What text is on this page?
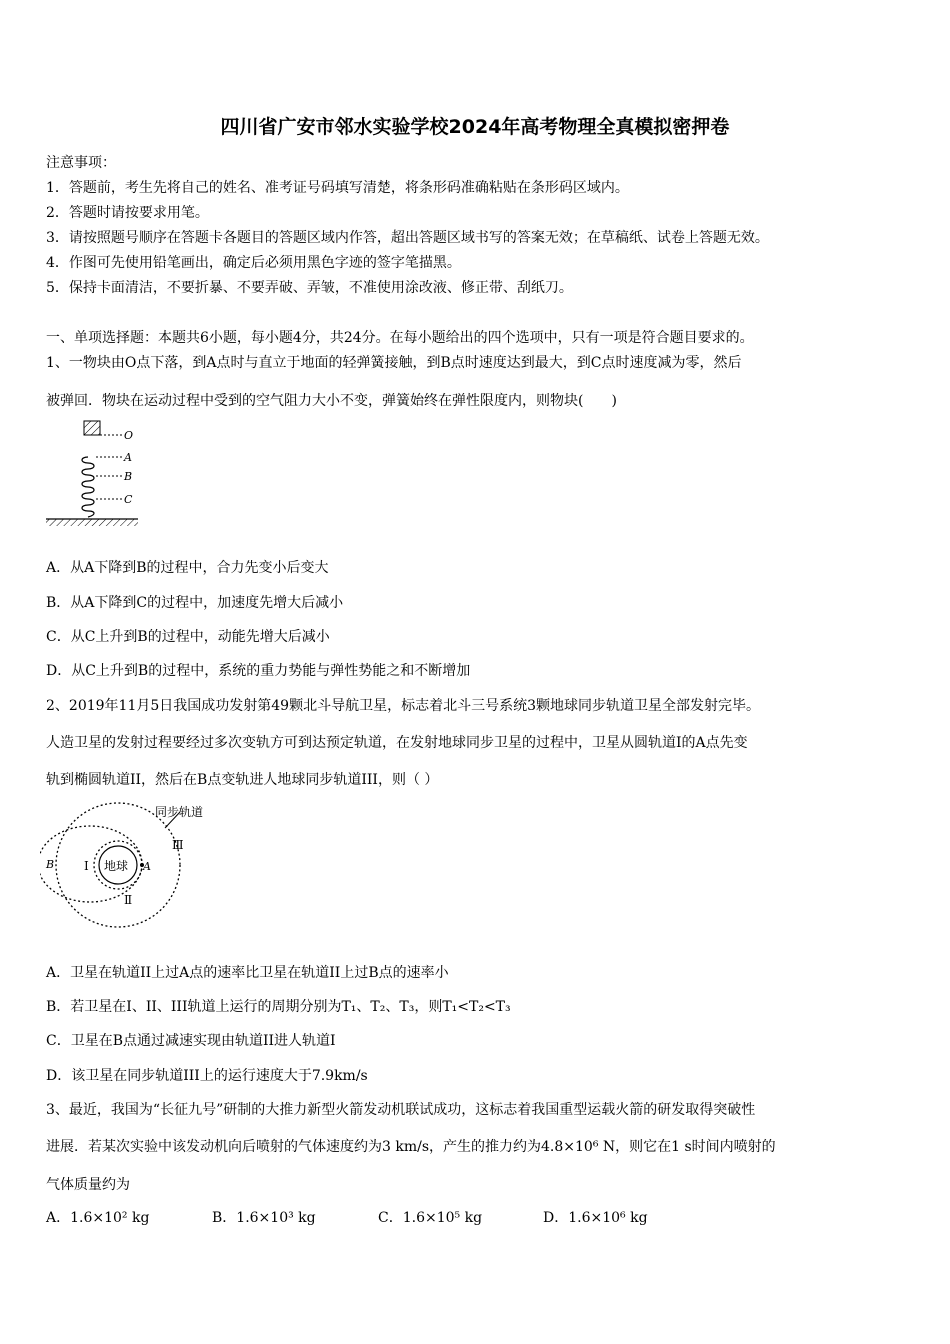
四川省广安市邻水实验学校2024年高考物理全真模拟密押卷
注意事项：
1．答题前，考生先将自己的姓名、准考证号码填写清楚，将条形码准确粘贴在条形码区域内。
2．答题时请按要求用笔。
3．请按照题号顺序在答题卡各题目的答题区域内作答，超出答题区域书写的答案无效；在草稿纸、试卷上答题无效。
4．作图可先使用铅笔画出，确定后必须用黑色字迹的签字笔描黑。
5．保持卡面清洁，不要折暴、不要弄破、弄皱，不准使用涂改液、修正带、刮纸刀。
一、单项选择题：本题共6小题，每小题4分，共24分。在每小题给出的四个选项中，只有一项是符合题目要求的。
1、一物块由O点下落，到A点时与直立于地面的轻弹簧接触，到B点时速度达到最大，到C点时速度减为零，然后
被弹回．物块在运动过程中受到的空气阻力大小不变，弹簧始终在弹性限度内，则物块(　　)
O
A
B
C
A．从A下降到B的过程中，合力先变小后变大
B．从A下降到C的过程中，加速度先增大后减小
C．从C上升到B的过程中，动能先增大后减小
D．从C上升到B的过程中，系统的重力势能与弹性势能之和不断增加
2、2019年11月5日我国成功发射第49颗北斗导航卫星，标志着北斗三号系统3颗地球同步轨道卫星全部发射完毕。
人造卫星的发射过程要经过多次变轨方可到达预定轨道，在发射地球同步卫星的过程中，卫星从圆轨道I的A点先变
轨到椭圆轨道II，然后在B点变轨进人地球同步轨道III，则（ ）
地球
同步轨道
Ⅰ
Ⅱ
Ⅲ
A
B
A．卫星在轨道II上过A点的速率比卫星在轨道II上过B点的速率小
B．若卫星在I、II、III轨道上运行的周期分别为T₁、T₂、T₃，则T₁<T₂<T₃
C．卫星在B点通过减速实现由轨道II进人轨道I
D．该卫星在同步轨道III上的运行速度大于7.9km/s
3、最近，我国为“长征九号”研制的大推力新型火箭发动机联试成功，这标志着我国重型运载火箭的研发取得突破性
进展．若某次实验中该发动机向后喷射的气体速度约为3 km/s，产生的推力约为4.8×10⁶ N，则它在1 s时间内喷射的
气体质量约为
A．1.6×10² kg	B．1.6×10³ kg	C．1.6×10⁵ kg	D．1.6×10⁶ kg
